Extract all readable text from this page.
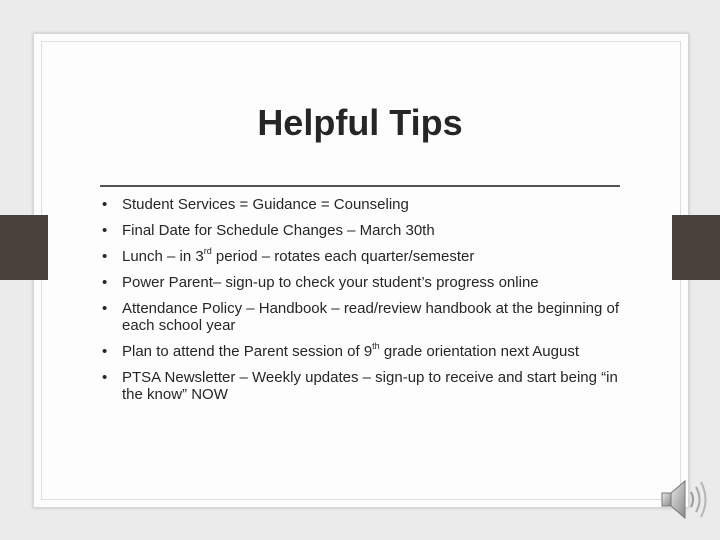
Helpful Tips
• Student Services = Guidance = Counseling
• Final Date for Schedule Changes – March 30th
• Lunch – in 3rd period – rotates each quarter/semester
• Power Parent– sign-up to check your student’s progress online
• Attendance Policy – Handbook – read/review handbook at the beginning of each school year
• Plan to attend the Parent session of 9th grade orientation next August
• PTSA Newsletter – Weekly updates – sign-up to receive and start being “in the know” NOW
